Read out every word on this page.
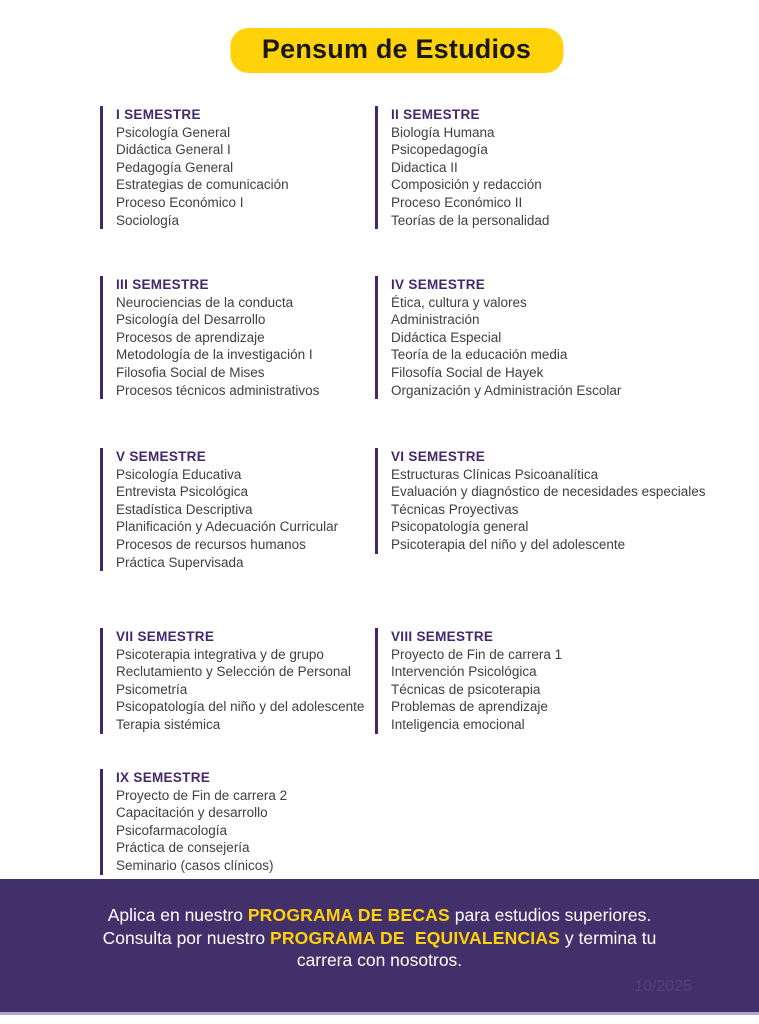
Pensum de Estudios
I SEMESTRE
Psicología General
Didáctica General I
Pedagogía General
Estrategias de comunicación
Proceso Económico I
Sociología
II SEMESTRE
Biología Humana
Psicopedagogía
Didactica II
Composición y redacción
Proceso Económico II
Teorías de la personalidad
III SEMESTRE
Neurociencias de la conducta
Psicología del Desarrollo
Procesos de aprendizaje
Metodología de la investigación I
Filosofia Social de Mises
Procesos técnicos administrativos
IV SEMESTRE
Ética, cultura y valores
Administración
Didáctica Especial
Teoría de la educación media
Filosofía Social de Hayek
Organización y Administración Escolar
V SEMESTRE
Psicología Educativa
Entrevista Psicológica
Estadística Descriptiva
Planificación y Adecuación Curricular
Procesos de recursos humanos
Práctica Supervisada
VI SEMESTRE
Estructuras Clínicas Psicoanalítica
Evaluación y diagnóstico de necesidades especiales
Técnicas Proyectivas
Psicopatología general
Psicoterapia del niño y del adolescente
VII SEMESTRE
Psicoterapia integrativa y de grupo
Reclutamiento y Selección de Personal
Psicometría
Psicopatología del niño y del adolescente
Terapia sistémica
VIII SEMESTRE
Proyecto de Fin de carrera 1
Intervención Psicológica
Técnicas de psicoterapia
Problemas de aprendizaje
Inteligencia emocional
IX SEMESTRE
Proyecto de Fin de carrera 2
Capacitación y desarrollo
Psicofarmacología
Práctica de consejería
Seminario (casos clínicos)

Aplica en nuestro PROGRAMA DE BECAS para estudios superiores. Consulta por nuestro PROGRAMA DE  EQUIVALENCIAS y termina tu carrera con nosotros.

10/2025
